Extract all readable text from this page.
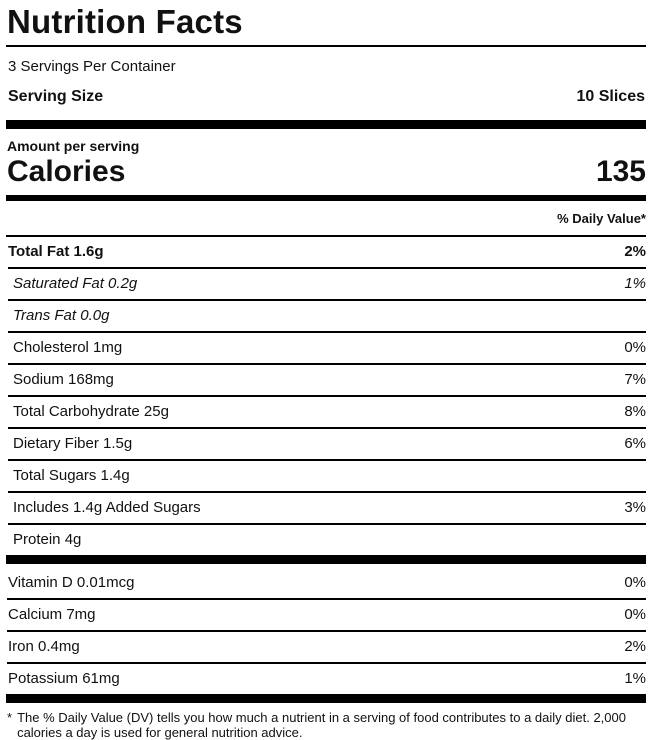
Nutrition Facts
3 Servings Per Container
Serving Size	10 Slices
Amount per serving
Calories	135
% Daily Value*
Total Fat 1.6g	2%
Saturated Fat 0.2g	1%
Trans Fat 0.0g
Cholesterol 1mg	0%
Sodium 168mg	7%
Total Carbohydrate 25g	8%
Dietary Fiber 1.5g	6%
Total Sugars 1.4g
Includes 1.4g Added Sugars	3%
Protein 4g
Vitamin D 0.01mcg	0%
Calcium 7mg	0%
Iron 0.4mg	2%
Potassium 61mg	1%
* The % Daily Value (DV) tells you how much a nutrient in a serving of food contributes to a daily diet. 2,000 calories a day is used for general nutrition advice.
